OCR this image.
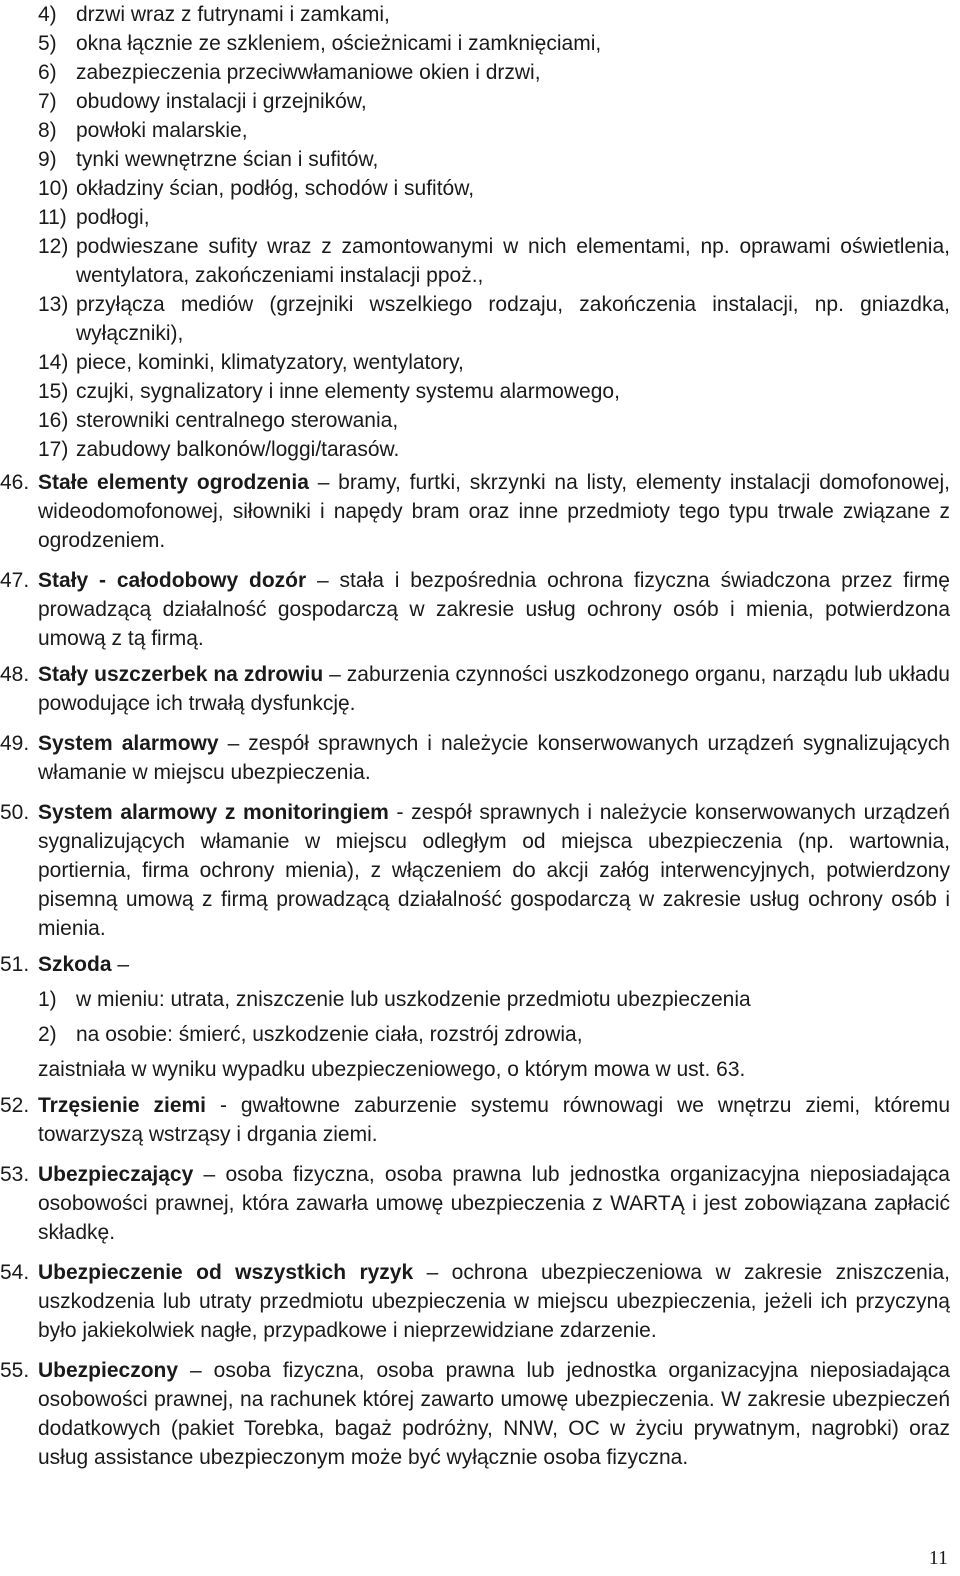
4) drzwi wraz z futrynami i zamkami,
5) okna łącznie ze szkleniem, ościeżnicami i zamknięciami,
6) zabezpieczenia przeciwwłamaniowe okien i drzwi,
7) obudowy instalacji i grzejników,
8) powłoki malarskie,
9) tynki wewnętrzne ścian i sufitów,
10) okładziny ścian, podłóg, schodów i sufitów,
11) podłogi,
12) podwieszane sufity wraz z zamontowanymi w nich elementami, np. oprawami oświetlenia, wentylatora, zakończeniami instalacji ppoż.,
13) przyłącza mediów (grzejniki wszelkiego rodzaju, zakończenia instalacji, np. gniazdka, wyłączniki),
14) piece, kominki, klimatyzatory, wentylatory,
15) czujki, sygnalizatory i inne elementy systemu alarmowego,
16) sterowniki centralnego sterowania,
17) zabudowy balkonów/loggi/tarasów.
46. Stałe elementy ogrodzenia – bramy, furtki, skrzynki na listy, elementy instalacji domofonowej, wideodomofonowej, siłowniki i napędy bram oraz inne przedmioty tego typu trwale związane z ogrodzeniem.
47. Stały - całodobowy dozór – stała i bezpośrednia ochrona fizyczna świadczona przez firmę prowadzącą działalność gospodarczą w zakresie usług ochrony osób i mienia, potwierdzona umową z tą firmą.
48. Stały uszczerbek na zdrowiu – zaburzenia czynności uszkodzonego organu, narządu lub układu powodujące ich trwałą dysfunkcję.
49. System alarmowy – zespół sprawnych i należycie konserwowanych urządzeń sygnalizujących włamanie w miejscu ubezpieczenia.
50. System alarmowy z monitoringiem - zespół sprawnych i należycie konserwowanych urządzeń sygnalizujących włamanie w miejscu odległym od miejsca ubezpieczenia (np. wartownia, portiernia, firma ochrony mienia), z włączeniem do akcji załóg interwencyjnych, potwierdzony pisemną umową z firmą prowadzącą działalność gospodarczą w zakresie usług ochrony osób i mienia.
51. Szkoda –
1) w mieniu: utrata, zniszczenie lub uszkodzenie przedmiotu ubezpieczenia
2) na osobie: śmierć, uszkodzenie ciała, rozstrój zdrowia,
zaistniała w wyniku wypadku ubezpieczeniowego, o którym mowa w ust. 63.
52. Trzęsienie ziemi - gwałtowne zaburzenie systemu równowagi we wnętrzu ziemi, któremu towarzyszą wstrząsy i drgania ziemi.
53. Ubezpieczający – osoba fizyczna, osoba prawna lub jednostka organizacyjna nieposiadająca osobowości prawnej, która zawarła umowę ubezpieczenia z WARTĄ i jest zobowiązana zapłacić składkę.
54. Ubezpieczenie od wszystkich ryzyk – ochrona ubezpieczeniowa w zakresie zniszczenia, uszkodzenia lub utraty przedmiotu ubezpieczenia w miejscu ubezpieczenia, jeżeli ich przyczyną było jakiekolwiek nagłe, przypadkowe i nieprzewidziane zdarzenie.
55. Ubezpieczony – osoba fizyczna, osoba prawna lub jednostka organizacyjna nieposiadająca osobowości prawnej, na rachunek której zawarto umowę ubezpieczenia. W zakresie ubezpieczeń dodatkowych (pakiet Torebka, bagaż podróżny, NNW, OC w życiu prywatnym, nagrobki) oraz usług assistance ubezpieczonym może być wyłącznie osoba fizyczna.
11
